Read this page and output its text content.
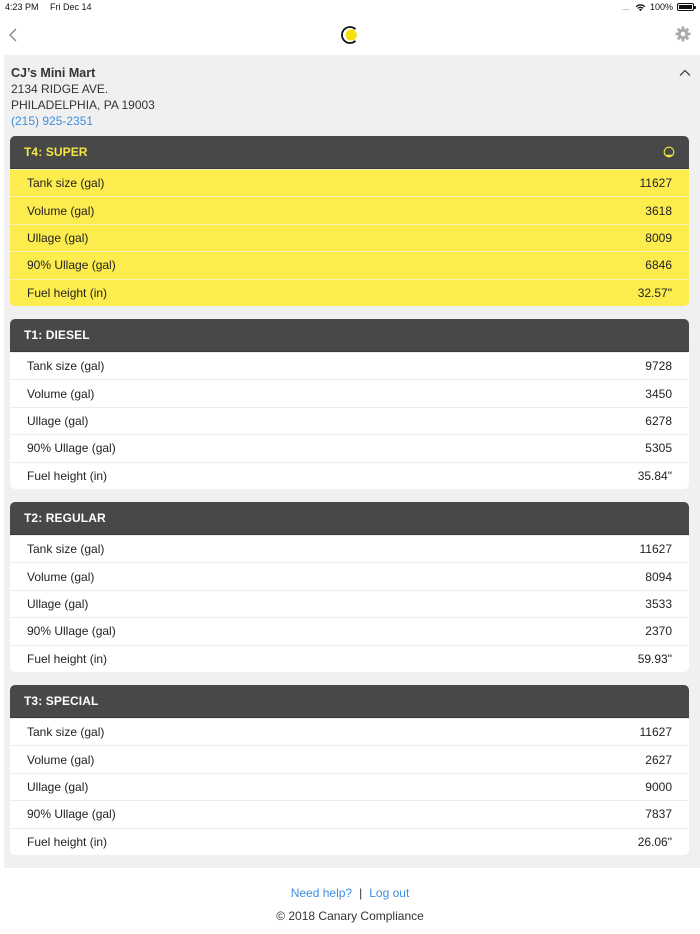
4:23 PM Fri Dec 14	..... 100%
CJ’s Mini Mart
2134 RIDGE AVE.
PHILADELPHIA, PA 19003
(215) 925-2351
T4: SUPER
Tank size (gal)	11627
Volume (gal)	3618
Ullage (gal)	8009
90% Ullage (gal)	6846
Fuel height (in)	32.57"
T1: DIESEL
Tank size (gal)	9728
Volume (gal)	3450
Ullage (gal)	6278
90% Ullage (gal)	5305
Fuel height (in)	35.84"
T2: REGULAR
Tank size (gal)	11627
Volume (gal)	8094
Ullage (gal)	3533
90% Ullage (gal)	2370
Fuel height (in)	59.93"
T3: SPECIAL
Tank size (gal)	11627
Volume (gal)	2627
Ullage (gal)	9000
90% Ullage (gal)	7837
Fuel height (in)	26.06"
Need help? | Log out
© 2018 Canary Compliance
